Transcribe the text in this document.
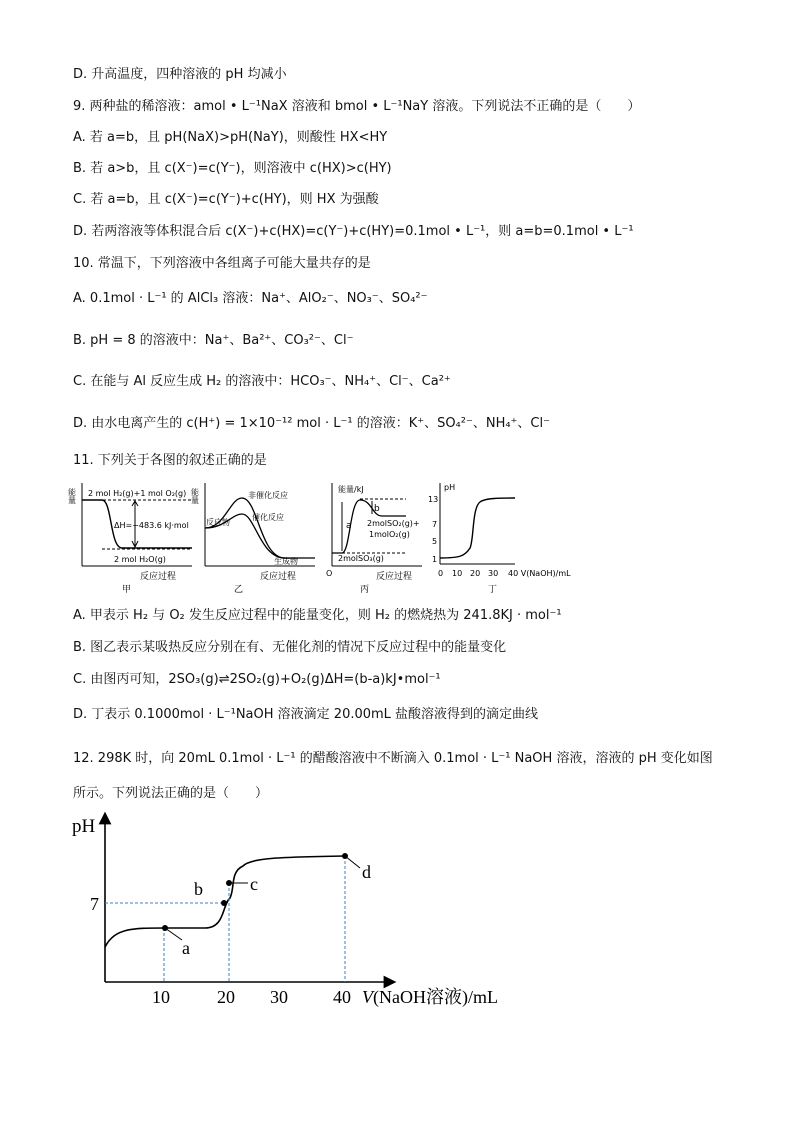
D. 升高温度，四种溶液的 pH 均减小
9. 两种盐的稀溶液：amol • L⁻¹NaX 溶液和 bmol • L⁻¹NaY 溶液。下列说法不正确的是（　　）
A. 若 a=b，且 pH(NaX)>pH(NaY)，则酸性 HX<HY
B. 若 a>b，且 c(X⁻)=c(Y⁻)，则溶液中 c(HX)>c(HY)
C. 若 a=b，且 c(X⁻)=c(Y⁻)+c(HY)，则 HX 为强酸
D. 若两溶液等体积混合后 c(X⁻)+c(HX)=c(Y⁻)+c(HY)=0.1mol • L⁻¹，则 a=b=0.1mol • L⁻¹
10. 常温下，下列溶液中各组离子可能大量共存的是
A. 0.1mol · L⁻¹ 的 AlCl₃ 溶液：Na⁺、AlO₂⁻、NO₃⁻、SO₄²⁻
B. pH = 8 的溶液中：Na⁺、Ba²⁺、CO₃²⁻、Cl⁻
C. 在能与 Al 反应生成 H₂ 的溶液中：HCO₃⁻、NH₄⁺、Cl⁻、Ca²⁺
D. 由水电离产生的 c(H⁺) = 1×10⁻¹² mol · L⁻¹ 的溶液：K⁺、SO₄²⁻、NH₄⁺、Cl⁻
11. 下列关于各图的叙述正确的是
能量 2 mol H₂(g)+1 mol O₂(g)
ΔH=−483.6 kJ·mol
2 mol H₂O(g)
反应过程
甲
能量	非催化反应
催化反应
反应物
生成物
反应过程
乙
能量/kJ
a
b
2molSO₂(g)+
1molO₂(g)
2molSO₃(g)
O	反应过程
丙
pH
13
7
5
1
0 10 20 30 40 V(NaOH)/mL
丁
A. 甲表示 H₂ 与 O₂ 发生反应过程中的能量变化，则 H₂ 的燃烧热为 241.8KJ · mol⁻¹
B. 图乙表示某吸热反应分别在有、无催化剂的情况下反应过程中的能量变化
C. 由图丙可知，2SO₃(g)⇌2SO₂(g)+O₂(g)ΔH=(b-a)kJ•mol⁻¹
D. 丁表示 0.1000mol · L⁻¹NaOH 溶液滴定 20.00mL 盐酸溶液得到的滴定曲线
12. 298K 时，向 20mL 0.1mol · L⁻¹ 的醋酸溶液中不断滴入 0.1mol · L⁻¹ NaOH 溶液，溶液的 pH 变化如图
所示。下列说法正确的是（　　）
pH
7
a
b	c
d
10	20 30	40 V(NaOH溶液)/mL
